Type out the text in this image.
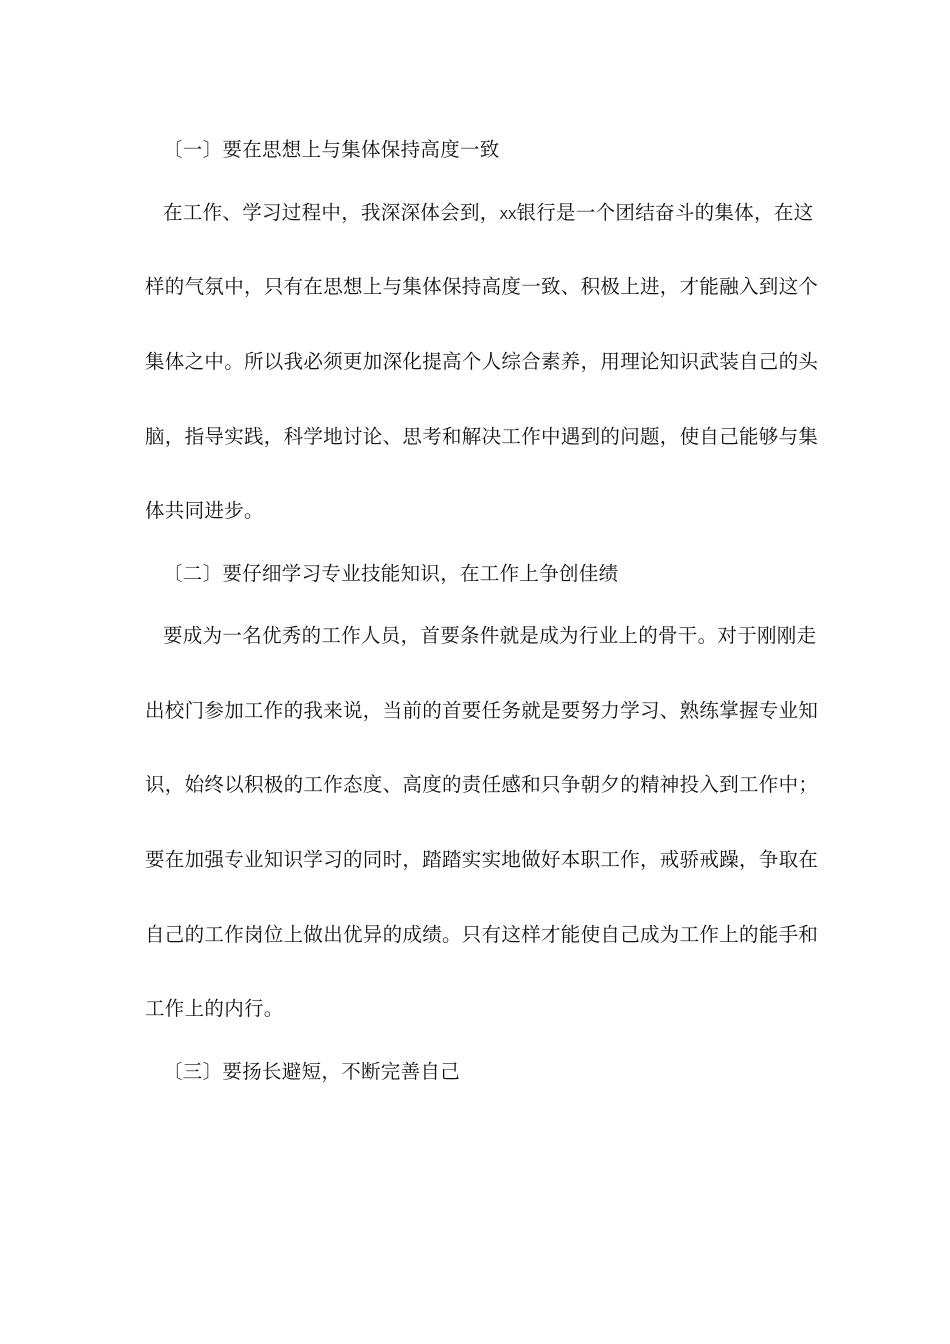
〔一〕要在思想上与集体保持高度一致
在工作、学习过程中，我深深体会到，XX银行是一个团结奋斗的集体，在这
样的气氛中，只有在思想上与集体保持高度一致、积极上进，才能融入到这个
集体之中。所以我必须更加深化提高个人综合素养，用理论知识武装自己的头
脑，指导实践，科学地讨论、思考和解决工作中遇到的问题，使自己能够与集
体共同进步。
〔二〕要仔细学习专业技能知识，在工作上争创佳绩
要成为一名优秀的工作人员，首要条件就是成为行业上的骨干。对于刚刚走
出校门参加工作的我来说，当前的首要任务就是要努力学习、熟练掌握专业知
识，始终以积极的工作态度、高度的责任感和只争朝夕的精神投入到工作中；
要在加强专业知识学习的同时，踏踏实实地做好本职工作，戒骄戒躁，争取在
自己的工作岗位上做出优异的成绩。只有这样才能使自己成为工作上的能手和
工作上的内行。
〔三〕要扬长避短，不断完善自己
